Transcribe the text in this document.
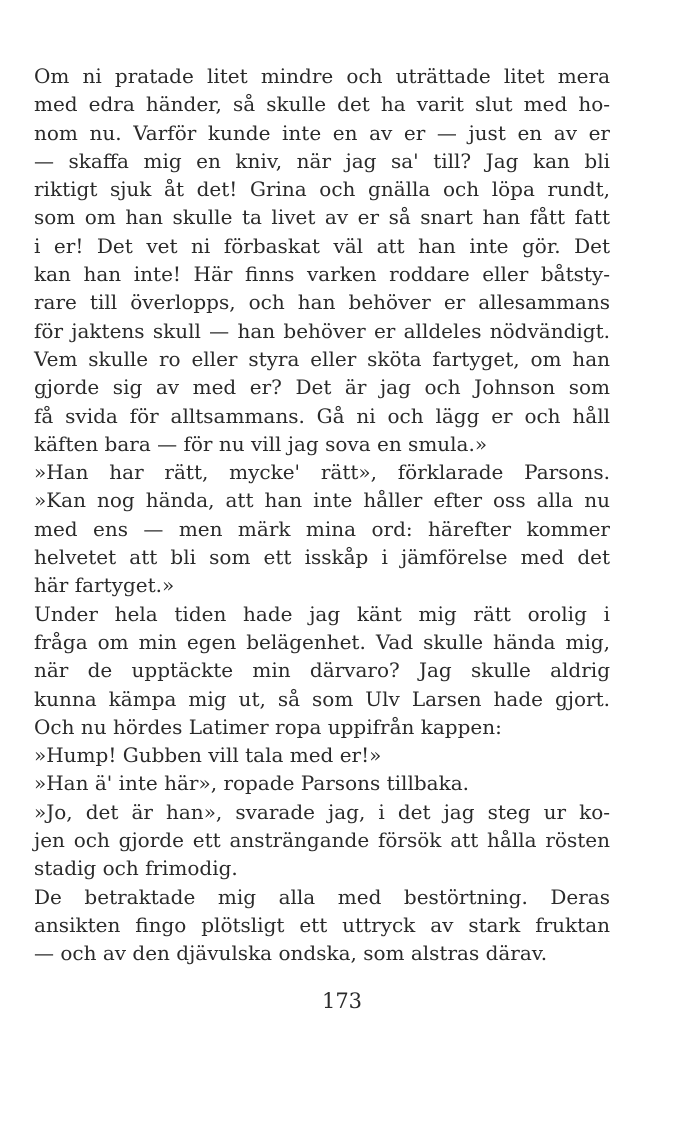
Om ni pratade litet mindre och uträttade litet mera
med edra händer, så skulle det ha varit slut med ho-
nom nu. Varför kunde inte en av er — just en av er
— skaffa mig en kniv, när jag sa' till? Jag kan bli
riktigt sjuk åt det! Grina och gnälla och löpa rundt,
som om han skulle ta livet av er så snart han fått fatt
i er! Det vet ni förbaskat väl att han inte gör. Det
kan han inte! Här finns varken roddare eller båtsty-
rare till överlopps, och han behöver er allesammans
för jaktens skull — han behöver er alldeles nödvändigt.
Vem skulle ro eller styra eller sköta fartyget, om han
gjorde sig av med er? Det är jag och Johnson som
få svida för alltsammans. Gå ni och lägg er och håll
käften bara — för nu vill jag sova en smula.»
»Han har rätt, mycke' rätt», förklarade Parsons.
»Kan nog hända, att han inte håller efter oss alla nu
med ens — men märk mina ord: härefter kommer
helvetet att bli som ett isskåp i jämförelse med det
här fartyget.»
Under hela tiden hade jag känt mig rätt orolig i
fråga om min egen belägenhet. Vad skulle hända mig,
när de upptäckte min därvaro? Jag skulle aldrig
kunna kämpa mig ut, så som Ulv Larsen hade gjort.
Och nu hördes Latimer ropa uppifrån kappen:
»Hump! Gubben vill tala med er!»
»Han ä' inte här», ropade Parsons tillbaka.
»Jo, det är han», svarade jag, i det jag steg ur ko-
jen och gjorde ett ansträngande försök att hålla rösten
stadig och frimodig.
De betraktade mig alla med bestörtning. Deras
ansikten fingo plötsligt ett uttryck av stark fruktan
— och av den djävulska ondska, som alstras därav.
173
